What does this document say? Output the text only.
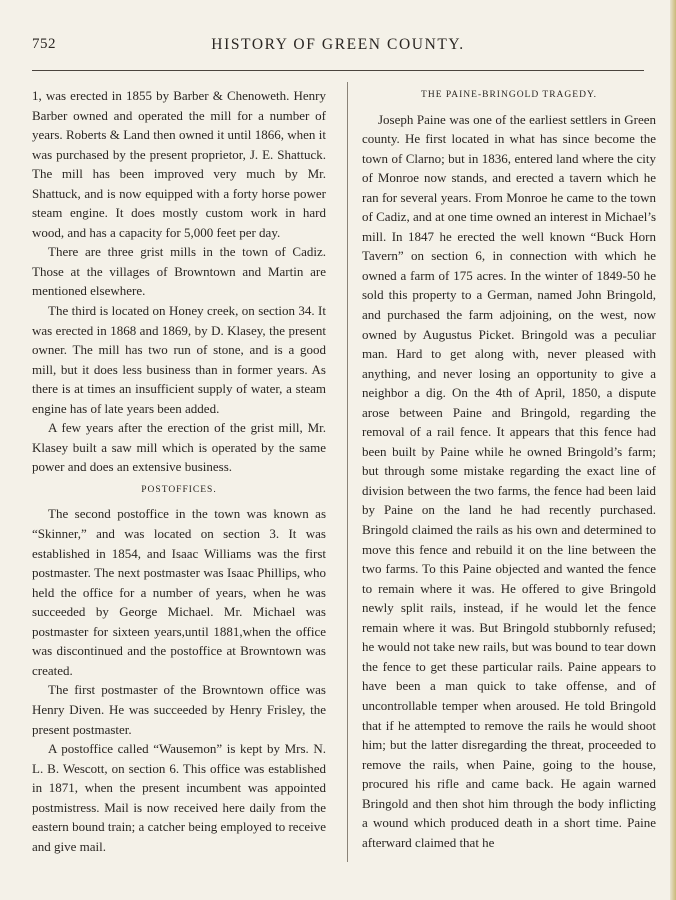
752	HISTORY OF GREEN COUNTY.

1, was erected in 1855 by Barber & Chenoweth. Henry Barber owned and operated the mill for a number of years. Roberts & Land then owned it until 1866, when it was purchased by the present proprietor, J. E. Shattuck. The mill has been improved very much by Mr. Shattuck, and is now equipped with a forty horse power steam engine. It does mostly custom work in hard wood, and has a capacity for 5,000 feet per day.

There are three grist mills in the town of Cadiz. Those at the villages of Browntown and Martin are mentioned elsewhere.

The third is located on Honey creek, on section 34. It was erected in 1868 and 1869, by D. Klasey, the present owner. The mill has two run of stone, and is a good mill, but it does less business than in former years. As there is at times an insufficient supply of water, a steam engine has of late years been added.

A few years after the erection of the grist mill, Mr. Klasey built a saw mill which is operated by the same power and does an extensive business.

POSTOFFICES.

The second postoffice in the town was known as “Skinner,” and was located on section 3. It was established in 1854, and Isaac Williams was the first postmaster. The next postmaster was Isaac Phillips, who held the office for a number of years, when he was succeeded by George Michael. Mr. Michael was postmaster for sixteen years,until 1881,when the office was discontinued and the postoffice at Browntown was created.

The first postmaster of the Browntown office was Henry Diven. He was succeeded by Henry Frisley, the present postmaster.

A postoffice called “Wausemon” is kept by Mrs. N. L. B. Wescott, on section 6. This office was established in 1871, when the present incumbent was appointed postmistress. Mail is now received here daily from the eastern bound train; a catcher being employed to receive and give mail.

THE PAINE-BRINGOLD TRAGEDY.

Joseph Paine was one of the earliest settlers in Green county. He first located in what has since become the town of Clarno; but in 1836, entered land where the city of Monroe now stands, and erected a tavern which he ran for several years. From Monroe he came to the town of Cadiz, and at one time owned an interest in Michael’s mill. In 1847 he erected the well known “Buck Horn Tavern” on section 6, in connection with which he owned a farm of 175 acres. In the winter of 1849-50 he sold this property to a German, named John Bringold, and purchased the farm adjoining, on the west, now owned by Augustus Picket. Bringold was a peculiar man. Hard to get along with, never pleased with anything, and never losing an opportunity to give a neighbor a dig. On the 4th of April, 1850, a dispute arose between Paine and Bringold, regarding the removal of a rail fence. It appears that this fence had been built by Paine while he owned Bringold’s farm; but through some mistake regarding the exact line of division between the two farms, the fence had been laid by Paine on the land he had recently purchased. Bringold claimed the rails as his own and determined to move this fence and rebuild it on the line between the two farms. To this Paine objected and wanted the fence to remain where it was. He offered to give Bringold newly split rails, instead, if he would let the fence remain where it was. But Bringold stubbornly refused; he would not take new rails, but was bound to tear down the fence to get these particular rails. Paine appears to have been a man quick to take offense, and of uncontrollable temper when aroused. He told Bringold that if he attempted to remove the rails he would shoot him; but the latter disregarding the threat, proceeded to remove the rails, when Paine, going to the house, procured his rifle and came back. He again warned Bringold and then shot him through the body inflicting a wound which produced death in a short time. Paine afterward claimed that he
